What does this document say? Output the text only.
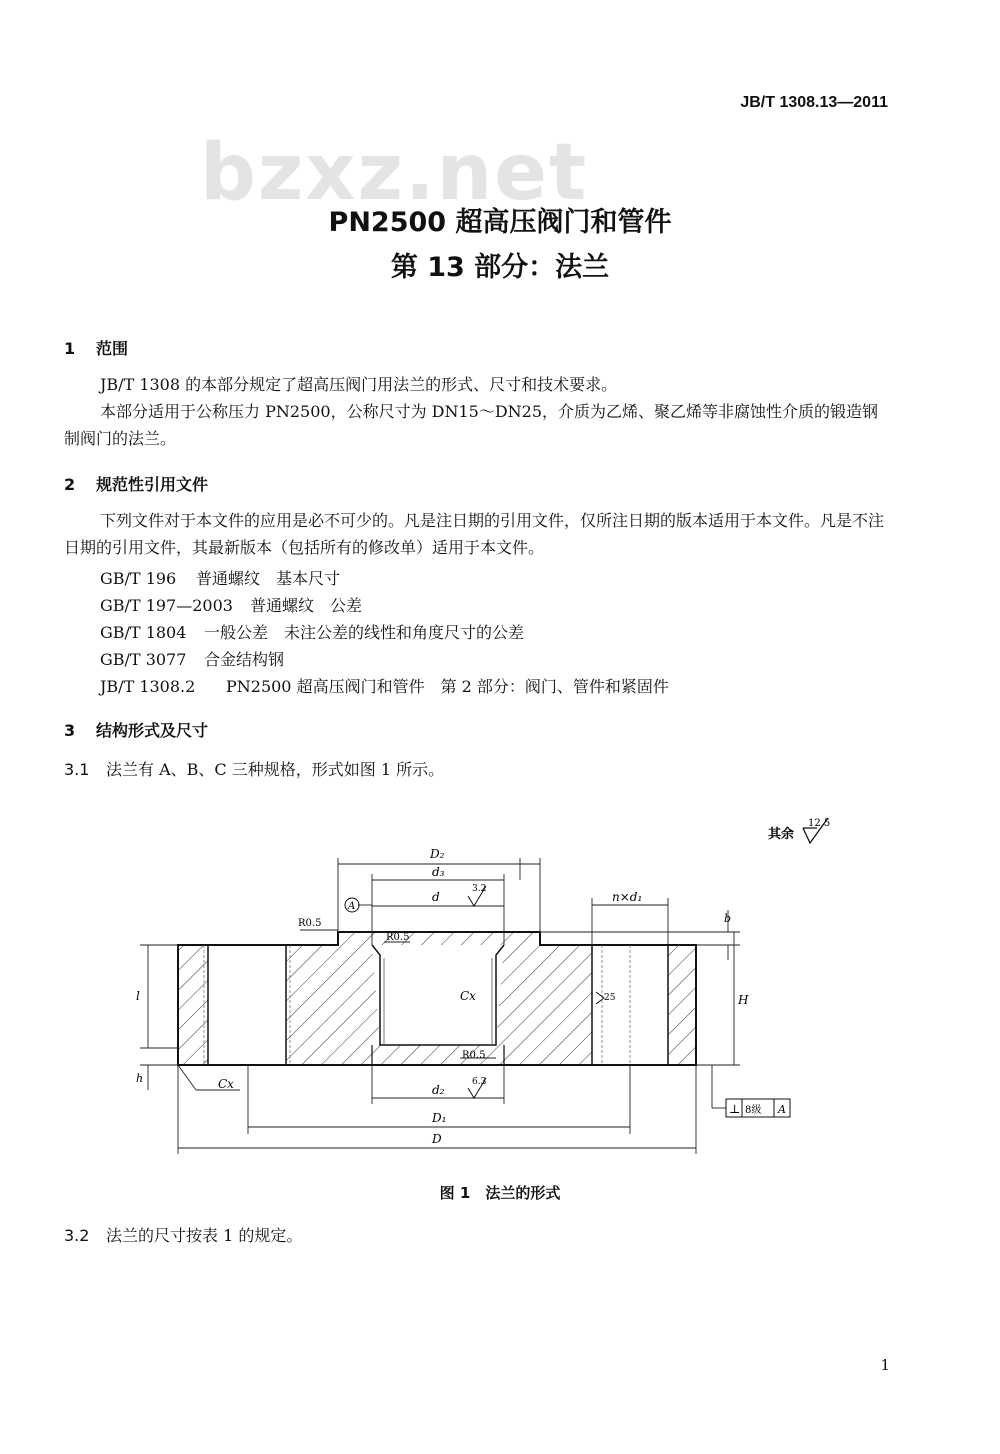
JB/T 1308.13—2011
bzxz.net
PN2500 超高压阀门和管件
第 13 部分：法兰
1 范围
JB/T 1308 的本部分规定了超高压阀门用法兰的形式、尺寸和技术要求。
本部分适用于公称压力 PN2500，公称尺寸为 DN15～DN25，介质为乙烯、聚乙烯等非腐蚀性介质的锻造钢制阀门的法兰。
2 规范性引用文件
下列文件对于本文件的应用是必不可少的。凡是注日期的引用文件，仅所注日期的版本适用于本文件。凡是不注日期的引用文件，其最新版本（包括所有的修改单）适用于本文件。
GB/T 196 普通螺纹　基本尺寸
GB/T 197—2003 普通螺纹　公差
GB/T 1804 一般公差　未注公差的线性和角度尺寸的公差
GB/T 3077 合金结构钢
JB/T 1308.2 PN2500 超高压阀门和管件　第 2 部分：阀门、管件和紧固件
3 结构形式及尺寸
3.1 法兰有 A、B、C 三种规格，形式如图 1 所示。
其余
12.5
A
D₂
d₃
d
3.2
n×d₁
b
R0.5
R0.5
R0.5
l	Cx	25	H
h	Cx	d₂
6.3
D₁
D
⊥ 8级 A
图 1　法兰的形式
3.2 法兰的尺寸按表 1 的规定。
1
